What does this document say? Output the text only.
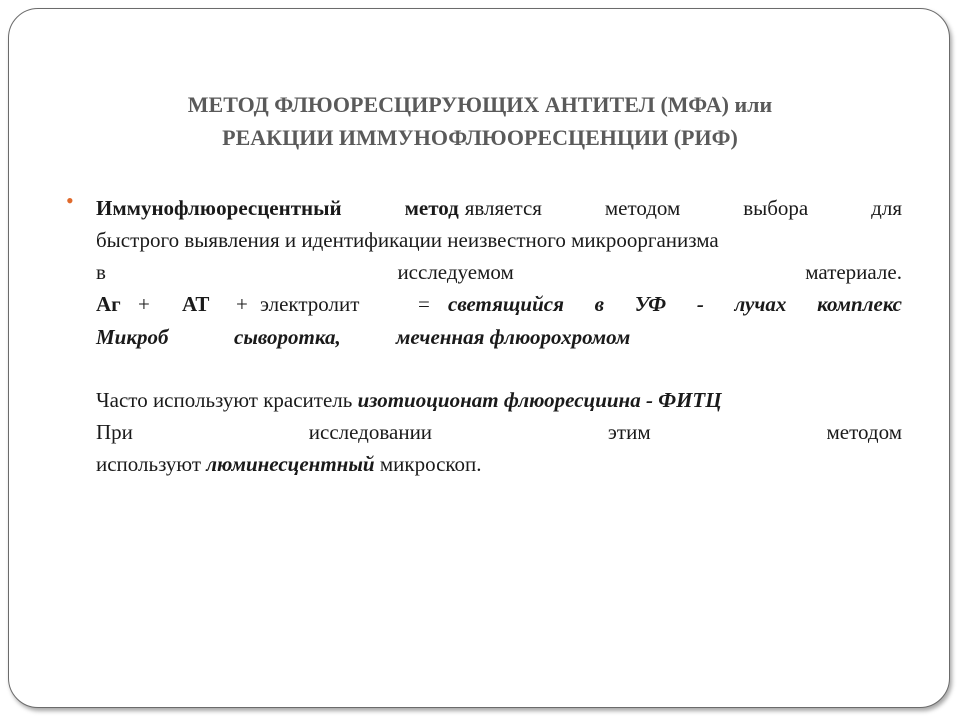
МЕТОД ФЛЮОРЕСЦИРУЮЩИХ АНТИТЕЛ (МФА) или
РЕАКЦИИ ИММУНОФЛЮОРЕСЦЕНЦИИ (РИФ)
• Иммунофлюоресцентный	метод является	методом	выбора	для
быстрого выявления и идентификации неизвестного микроорганизма
в	исследуемом	материале.
Аг + АТ + электролит	= светящийся в УФ - лучах комплекс
Микроб	сыворотка,	меченная флюорохромом
Часто используют краситель изотиоционат флюоресциина - ФИТЦ
При	исследовании	этим	методом
используют люминесцентный микроскоп.
